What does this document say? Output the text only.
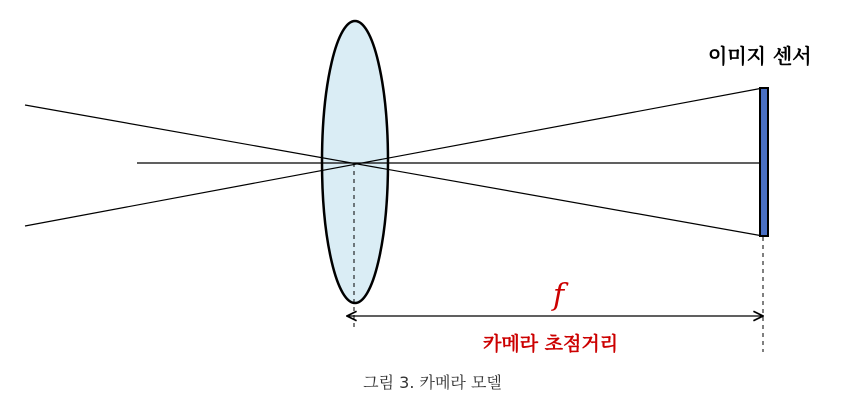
이미지 센서
f
카메라 초점거리
그림 3. 카메라 모델
